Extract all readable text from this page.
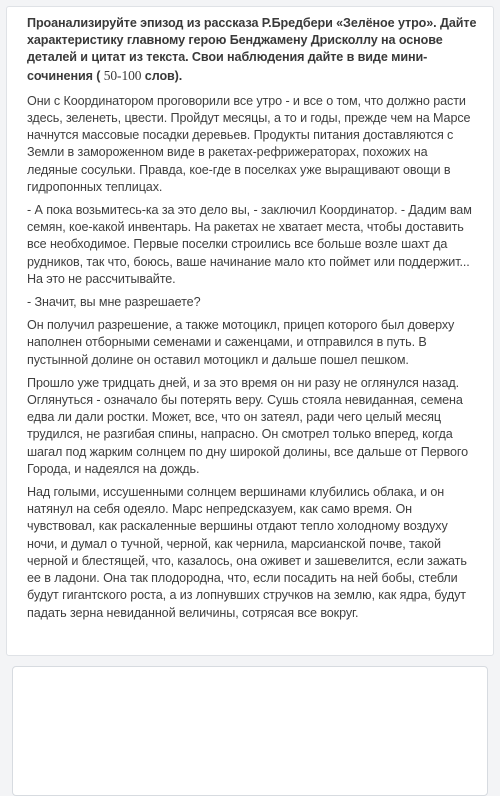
Проанализируйте эпизод из рассказа Р.Бредбери «Зелёное утро». Дайте характеристику главному герою Бенджамену Дрисколлу на основе деталей и цитат из текста. Свои наблюдения дайте в виде мини-сочинения ( 50-100 слов).

Они с Координатором проговорили все утро - и все о том, что должно расти здесь, зеленеть, цвести. Пройдут месяцы, а то и годы, прежде чем на Марсе начнутся массовые посадки деревьев. Продукты питания доставляются с Земли в замороженном виде в ракетах-рефрижераторах, похожих на ледяные сосульки. Правда, кое-где в поселках уже выращивают овощи в гидропонных теплицах.

- А пока возьмитесь-ка за это дело вы, - заключил Координатор. - Дадим вам семян, кое-какой инвентарь. На ракетах не хватает места, чтобы доставить все необходимое. Первые поселки строились все больше возле шахт да рудников, так что, боюсь, ваше начинание мало кто поймет или поддержит... На это не рассчитывайте.

- Значит, вы мне разрешаете?

Он получил разрешение, а также мотоцикл, прицеп которого был доверху наполнен отборными семенами и саженцами, и отправился в путь. В пустынной долине он оставил мотоцикл и дальше пошел пешком.

Прошло уже тридцать дней, и за это время он ни разу не оглянулся назад. Оглянуться - означало бы потерять веру. Сушь стояла невиданная, семена едва ли дали ростки. Может, все, что он затеял, ради чего целый месяц трудился, не разгибая спины, напрасно. Он смотрел только вперед, когда шагал под жарким солнцем по дну широкой долины, все дальше от Первого Города, и надеялся на дождь.

Над голыми, иссушенными солнцем вершинами клубились облака, и он натянул на себя одеяло. Марс непредсказуем, как само время. Он чувствовал, как раскаленные вершины отдают тепло холодному воздуху ночи, и думал о тучной, черной, как чернила, марсианской почве, такой черной и блестящей, что, казалось, она оживет и зашевелится, если зажать ее в ладони. Она так плодородна, что, если посадить на ней бобы, стебли будут гигантского роста, а из лопнувших стручков на землю, как ядра, будут падать зерна невиданной величины, сотрясая все вокруг.
